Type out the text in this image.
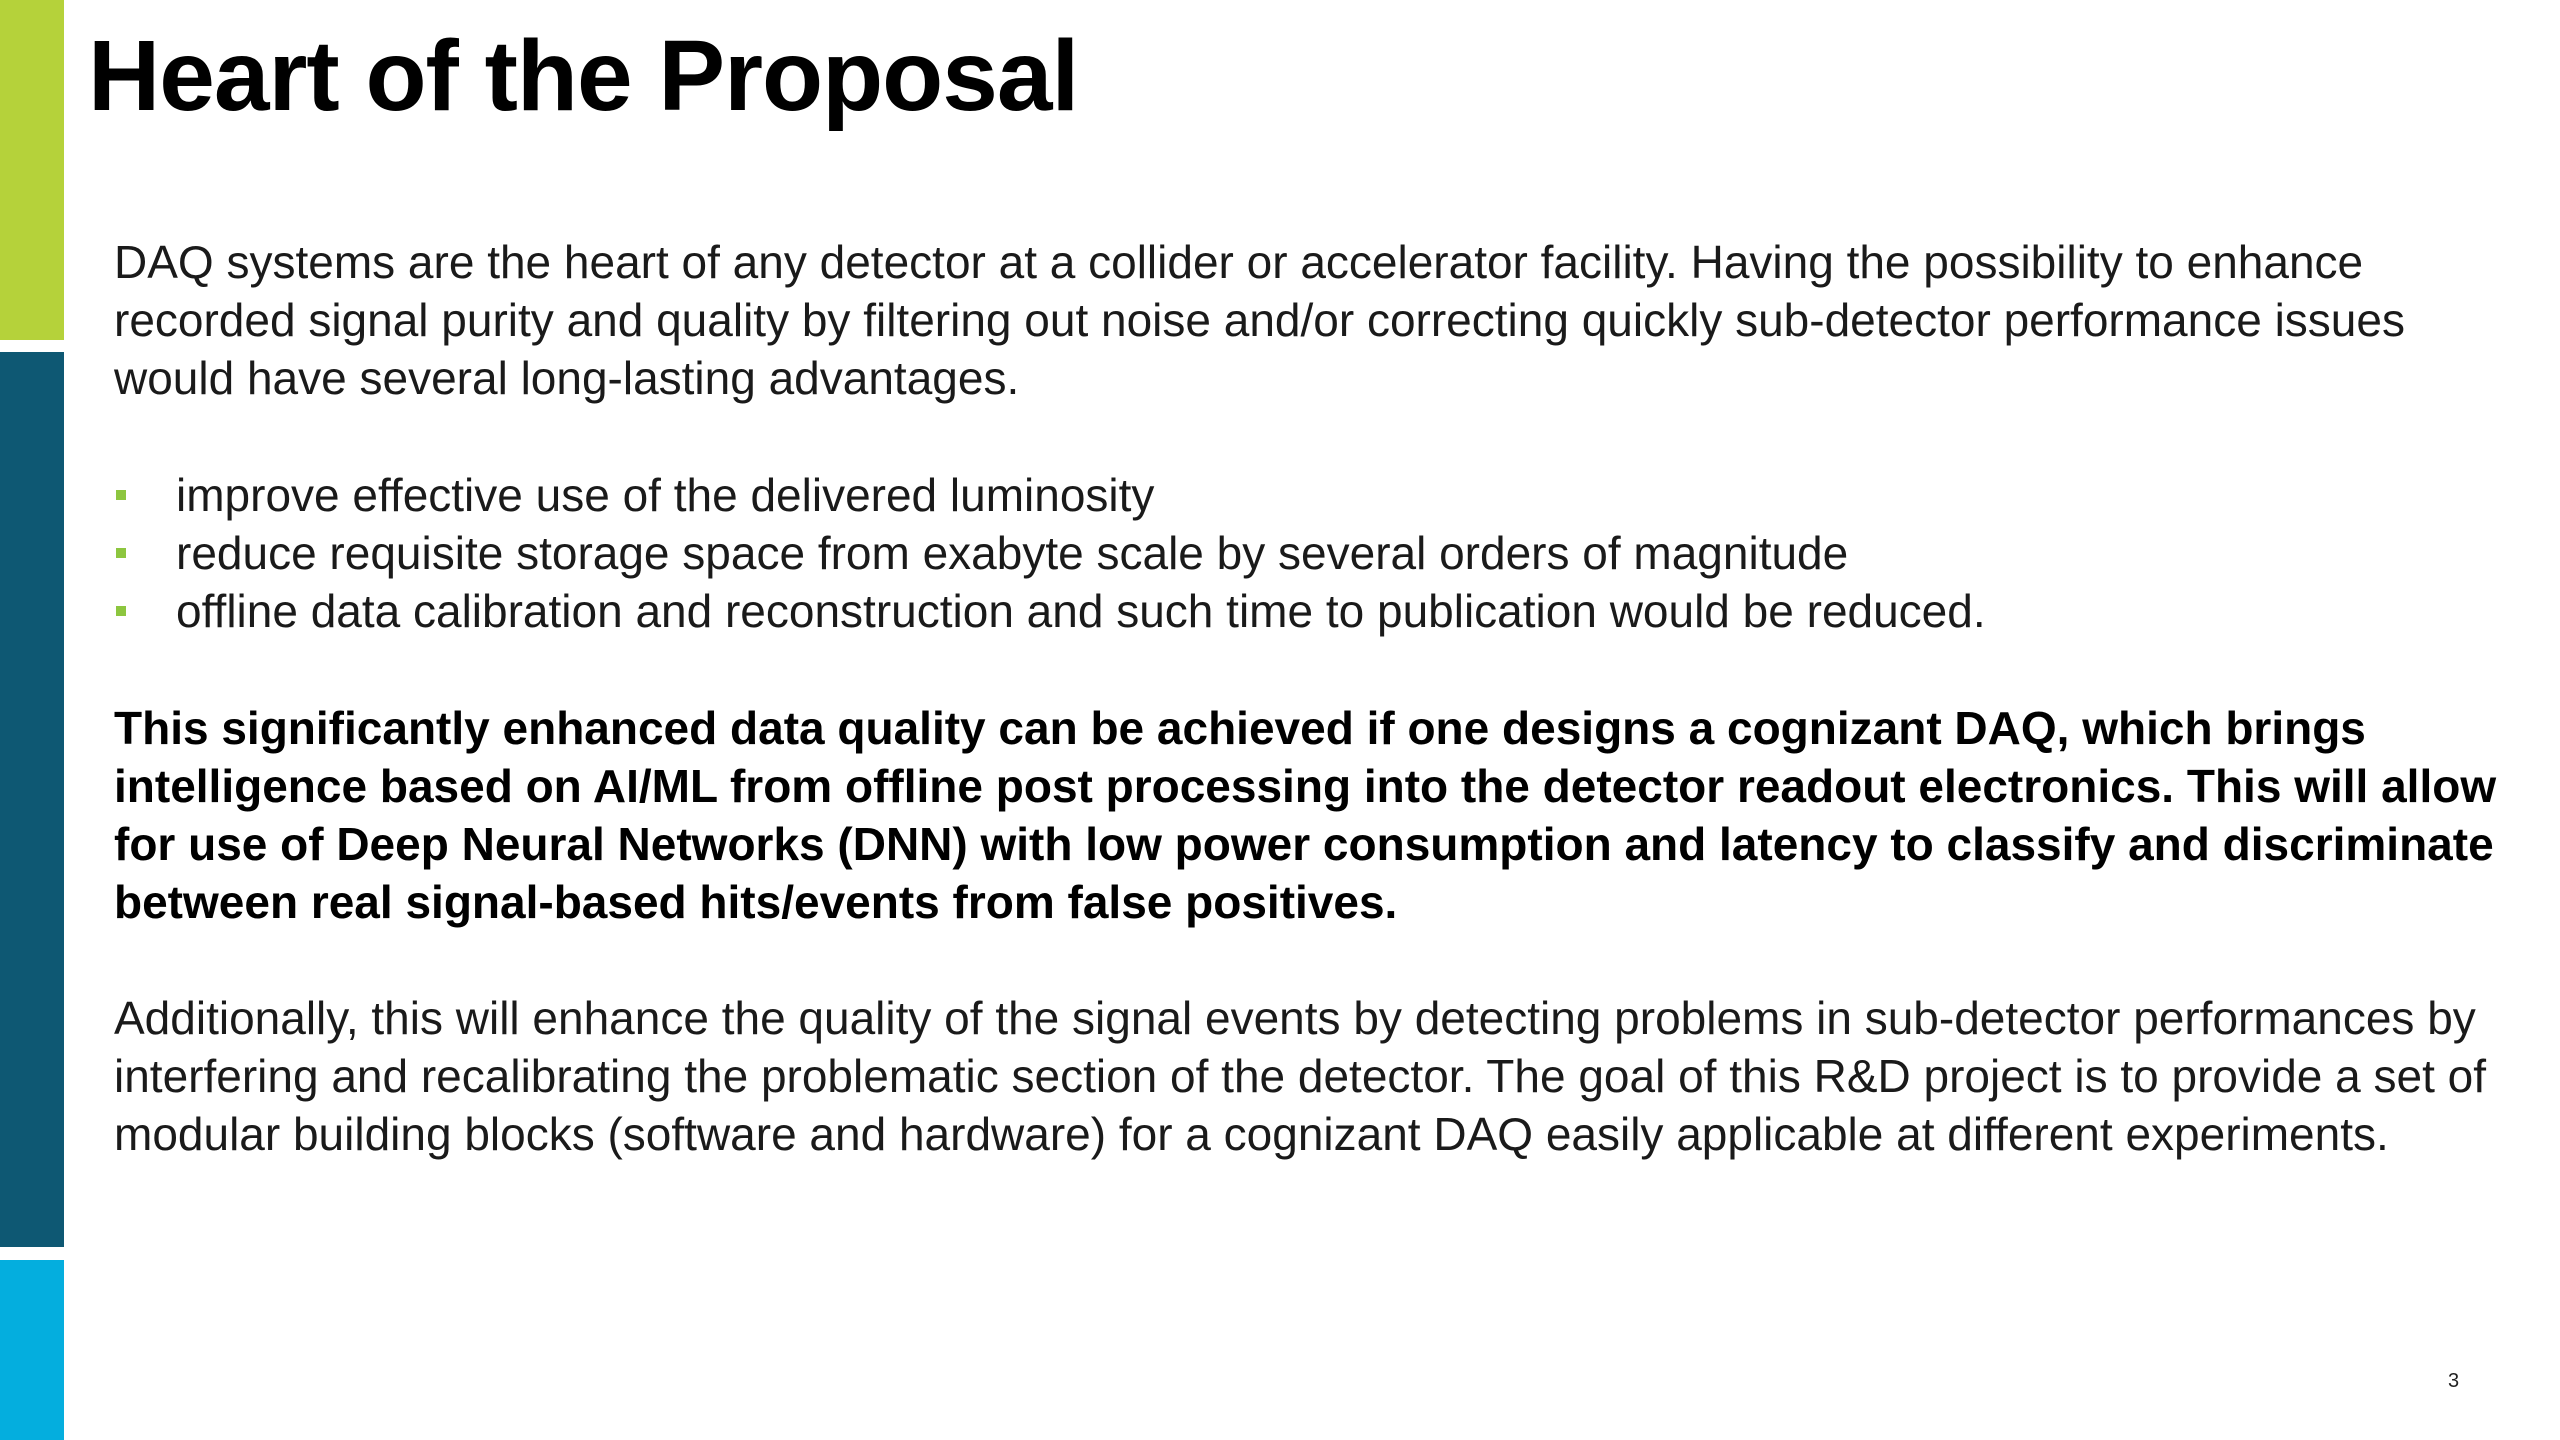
Heart of the Proposal

DAQ systems are the heart of any detector at a collider or accelerator facility. Having the possibility to enhance recorded signal purity and quality by filtering out noise and/or correcting quickly sub-detector performance issues would have several long-lasting advantages.

improve effective use of the delivered luminosity
reduce requisite storage space from exabyte scale by several orders of magnitude
offline data calibration and reconstruction and such time to publication would be reduced.

This significantly enhanced data quality can be achieved if one designs a cognizant DAQ, which brings intelligence based on AI/ML from offline post processing into the detector readout electronics. This will allow for use of Deep Neural Networks (DNN) with low power consumption and latency to classify and discriminate between real signal-based hits/events from false positives.

Additionally, this will enhance the quality of the signal events by detecting problems in sub-detector performances by interfering and recalibrating the problematic section of the detector. The goal of this R&D project is to provide a set of modular building blocks (software and hardware) for a cognizant DAQ easily applicable at different experiments.

3
